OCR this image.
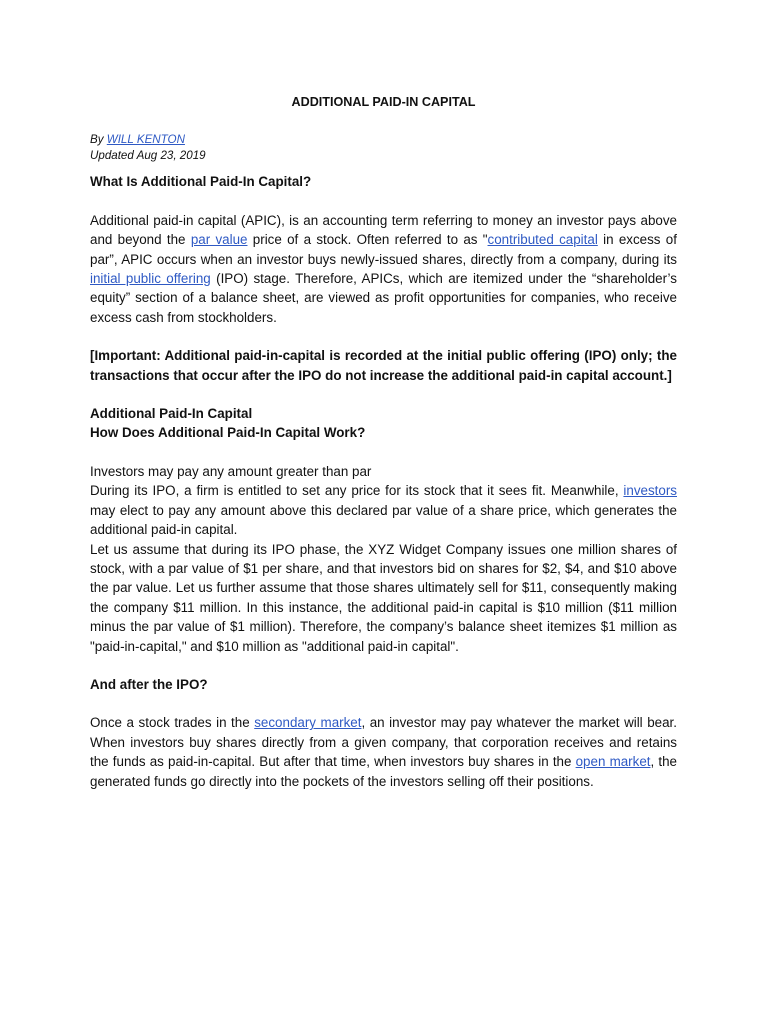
ADDITIONAL PAID-IN CAPITAL
By WILL KENTON
Updated Aug 23, 2019
What Is Additional Paid-In Capital?

Additional paid-in capital (APIC), is an accounting term referring to money an investor pays above and beyond the par value price of a stock. Often referred to as "contributed capital in excess of par”, APIC occurs when an investor buys newly-issued shares, directly from a company, during its initial public offering (IPO) stage. Therefore, APICs, which are itemized under the “shareholder’s equity” section of a balance sheet, are viewed as profit opportunities for companies, who receive excess cash from stockholders.

[Important: Additional paid-in-capital is recorded at the initial public offering (IPO) only; the transactions that occur after the IPO do not increase the additional paid-in capital account.]

Additional Paid-In Capital
How Does Additional Paid-In Capital Work?

Investors may pay any amount greater than par

During its IPO, a firm is entitled to set any price for its stock that it sees fit. Meanwhile, investors may elect to pay any amount above this declared par value of a share price, which generates the additional paid-in capital.

Let us assume that during its IPO phase, the XYZ Widget Company issues one million shares of stock, with a par value of $1 per share, and that investors bid on shares for $2, $4, and $10 above the par value. Let us further assume that those shares ultimately sell for $11, consequently making the company $11 million. In this instance, the additional paid-in capital is $10 million ($11 million minus the par value of $1 million). Therefore, the company’s balance sheet itemizes $1 million as "paid-in-capital," and $10 million as "additional paid-in capital".

And after the IPO?

Once a stock trades in the secondary market, an investor may pay whatever the market will bear. When investors buy shares directly from a given company, that corporation receives and retains the funds as paid-in-capital. But after that time, when investors buy shares in the open market, the generated funds go directly into the pockets of the investors selling off their positions.
